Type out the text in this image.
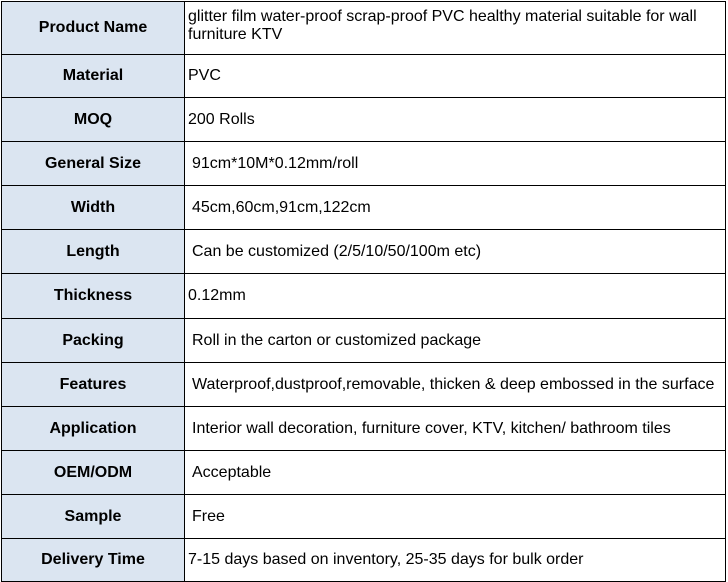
Product Name	glitter film water-proof scrap-proof PVC healthy material suitable for wall furniture KTV
Material	PVC
MOQ	200 Rolls
General Size	91cm*10M*0.12mm/roll
Width	45cm,60cm,91cm,122cm
Length	Can be customized (2/5/10/50/100m etc)
Thickness	0.12mm
Packing	Roll in the carton or customized package
Features	Waterproof,dustproof,removable, thicken & deep embossed in the surface
Application	Interior wall decoration, furniture cover, KTV, kitchen/ bathroom tiles
OEM/ODM	Acceptable
Sample	Free
Delivery Time	7-15 days based on inventory, 25-35 days for bulk order
